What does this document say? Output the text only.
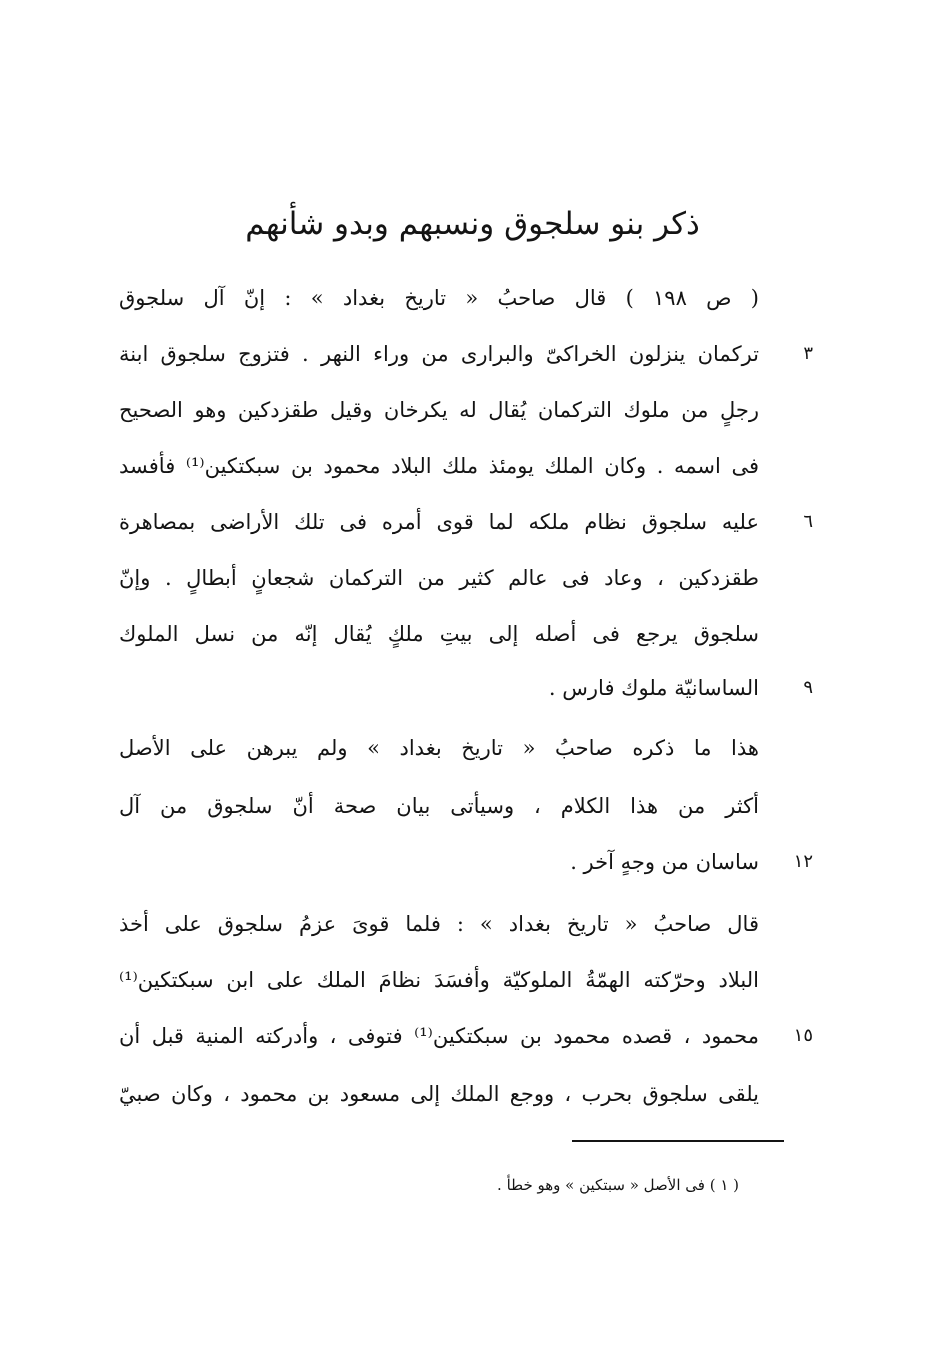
ذكر بنو سلجوق ونسبهم وبدو شأنهم
( ص ١٩٨ ) قال صاحبُ « تاريخ بغداد » : إنّ آل سلجوق
تركمان ينزلون الخراكىّ والبرارى من وراء النهر . فتزوج سلجوق ابنة
رجلٍ من ملوك التركمان يُقال له يكرخان وقيل طقزدكين وهو الصحيح
فى اسمه . وكان الملك يومئذ ملك البلاد محمود بن سبكتكين⁽¹⁾ فأفسد
عليه سلجوق نظام ملكه لما قوى أمره فى تلك الأراضى بمصاهرة
طقزدكين ، وعاد فى عالم كثير من التركمان شجعانٍ أبطالٍ . وإنّ
سلجوق يرجع فى أصله إلى بيتِ ملكٍ يُقال إنّه من نسل الملوك
الساسانيّة ملوك فارس .
هذا ما ذكره صاحبُ « تاريخ بغداد » ولم يبرهن على الأصل
أكثر من هذا الكلام ، وسيأتى بيان صحة أنّ سلجوق من آل
ساسان من وجهٍ آخر .
قال صاحبُ « تاريخ بغداد » : فلما قوىَ عزمُ سلجوق على أخذ
البلاد وحرّكته الهمّةُ الملوكيّة وأفسَدَ نظامَ الملك على ابن سبكتكين⁽¹⁾
محمود ، قصده محمود بن سبكتكين⁽¹⁾ فتوفى ، وأدركته المنية قبل أن
يلقى سلجوق بحرب ، ووجع الملك إلى مسعود بن محمود ، وكان صبيّ
٣
٦
٩
١٢
١٥
( ١ ) فى الأصل « سبتكين » وهو خطأ .
